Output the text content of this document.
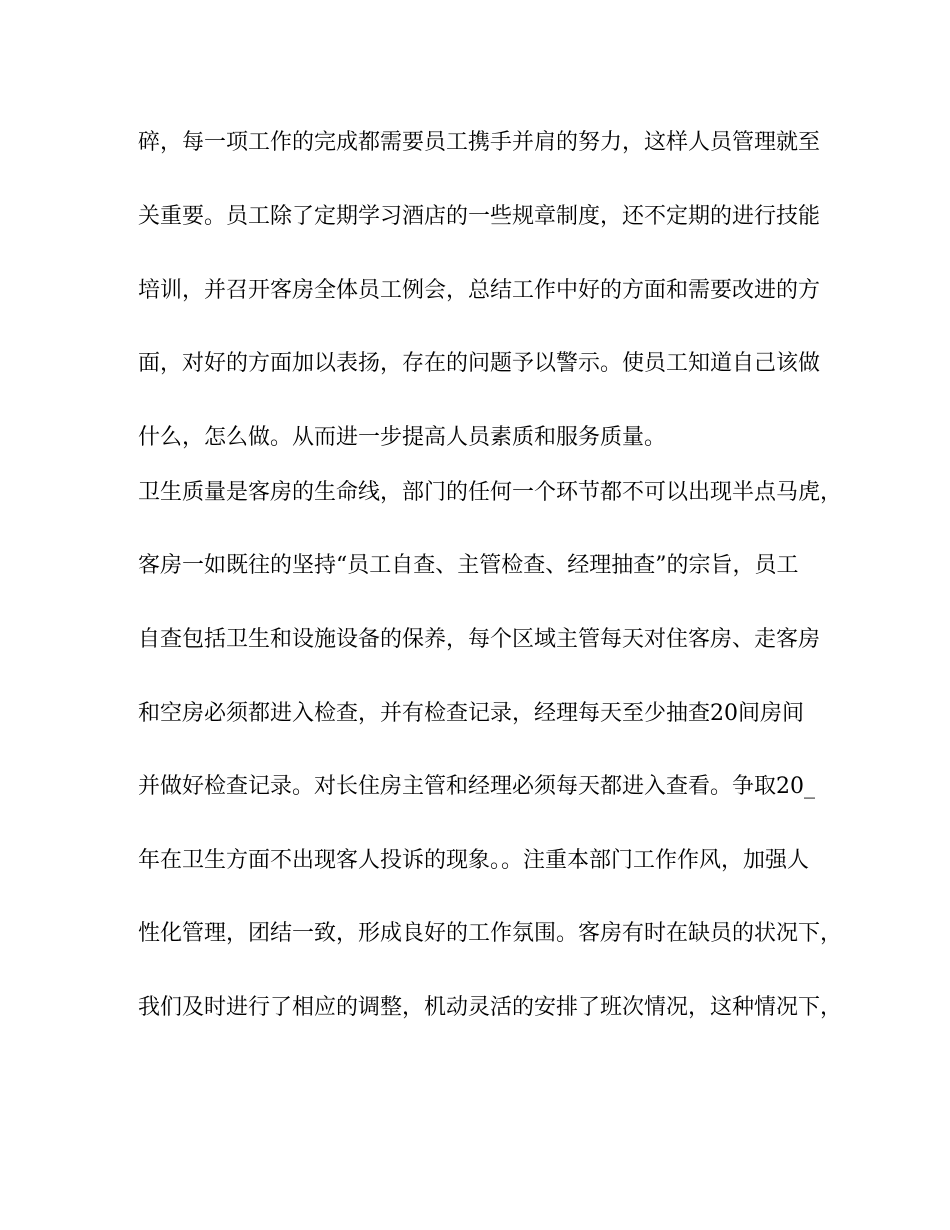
碎，每一项工作的完成都需要员工携手并肩的努力，这样人员管理就至
关重要。员工除了定期学习酒店的一些规章制度，还不定期的进行技能
培训，并召开客房全体员工例会，总结工作中好的方面和需要改进的方
面，对好的方面加以表扬，存在的问题予以警示。使员工知道自己该做
什么，怎么做。从而进一步提高人员素质和服务质量。
卫生质量是客房的生命线，部门的任何一个环节都不可以出现半点马虎，
客房一如既往的坚持“员工自查、主管检查、经理抽查”的宗旨，员工
自查包括卫生和设施设备的保养，每个区域主管每天对住客房、走客房
和空房必须都进入检查，并有检查记录，经理每天至少抽查20间房间
并做好检查记录。对长住房主管和经理必须每天都进入查看。争取20_
年在卫生方面不出现客人投诉的现象。。注重本部门工作作风，加强人
性化管理，团结一致，形成良好的工作氛围。客房有时在缺员的状况下，
我们及时进行了相应的调整，机动灵活的安排了班次情况，这种情况下，
